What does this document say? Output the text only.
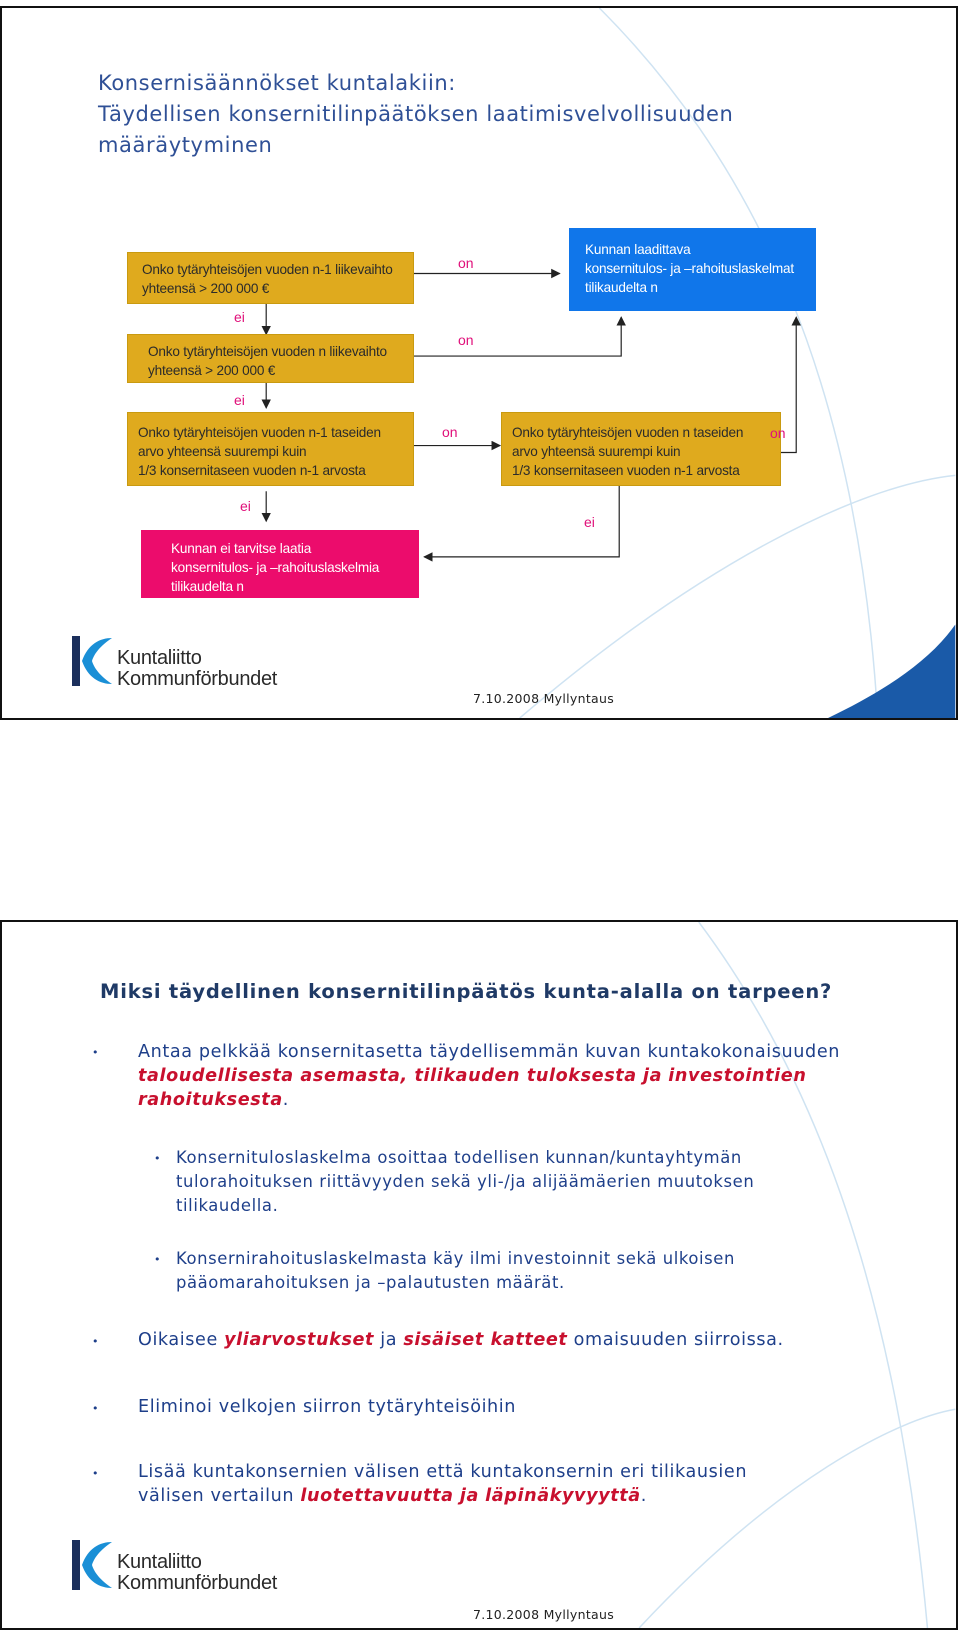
Konsernisäännökset kuntalakiin:
Täydellisen konsernitilinpäätöksen laatimisvelvollisuuden
määräytyminen
Onko tytäryhteisöjen vuoden n-1 liikevaihto
yhteensä > 200 000 €
Onko tytäryhteisöjen vuoden n liikevaihto
yhteensä > 200 000 €
Onko tytäryhteisöjen vuoden n-1 taseiden
arvo yhteensä suurempi kuin
1/3 konsernitaseen vuoden n-1 arvosta
Onko tytäryhteisöjen vuoden n taseiden
arvo yhteensä suurempi kuin
1/3 konsernitaseen vuoden n-1 arvosta
Kunnan laadittava
konsernitulos- ja –rahoituslaskelmat
tilikaudelta n
Kunnan ei tarvitse laatia
konsernitulos- ja –rahoituslaskelmia
tilikaudelta n
on
on
on	on
ei
ei
ei
ei
Kuntaliitto
Kommunförbundet
7.10.2008 Myllyntaus
Miksi täydellinen konsernitilinpäätös kunta-alalla on tarpeen?
• Antaa pelkkää konsernitasetta täydellisemmän kuvan kuntakokonaisuuden
taloudellisesta asemasta, tilikauden tuloksesta ja investointien
rahoituksesta.
• Konsernituloslaskelma osoittaa todellisen kunnan/kuntayhtymän
tulorahoituksen riittävyyden sekä yli-/ja alijäämäerien muutoksen
tilikaudella.
• Konsernirahoituslaskelmasta käy ilmi investoinnit sekä ulkoisen
pääomarahoituksen ja –palautusten määrät.
• Oikaisee yliarvostukset ja sisäiset katteet omaisuuden siirroissa.
• Eliminoi velkojen siirron tytäryhteisöihin
• Lisää kuntakonsernien välisen että kuntakonsernin eri tilikausien
välisen vertailun luotettavuutta ja läpinäkyvyyttä.
Kuntaliitto
Kommunförbundet
7.10.2008 Myllyntaus
